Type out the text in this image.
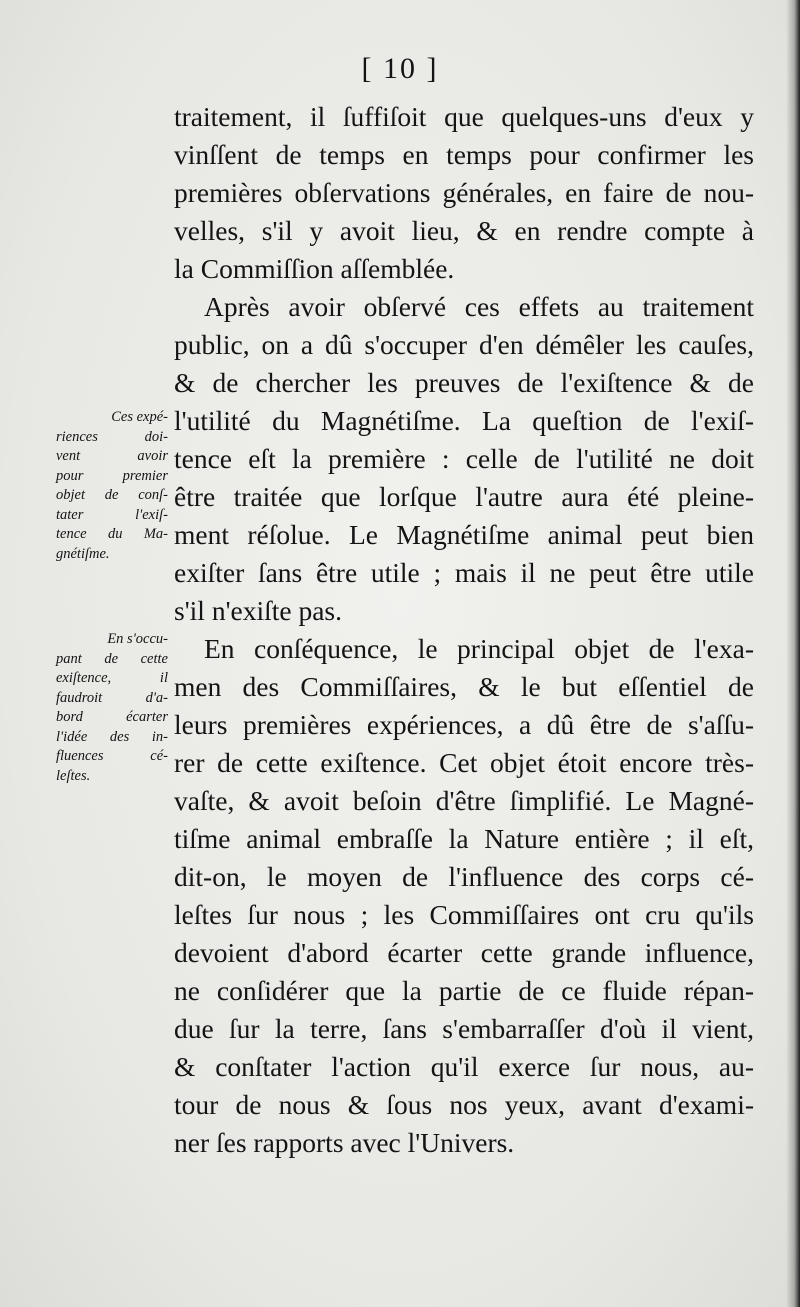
[ 10 ]
Ces expé-
riences doi-
vent avoir
pour premier
objet de conſ-
tater l'exiſ-
tence du Ma-
gnétiſme.
En s'occu-
pant de cette
exiſtence, il
faudroit d'a-
bord écarter
l'idée des in-
fluences cé-
leſtes.
traitement, il ſuffiſoit que quelques-uns d'eux y
vinſſent de temps en temps pour confirmer les
premières obſervations générales, en faire de nou-
velles, s'il y avoit lieu, & en rendre compte à
la Commiſſion aſſemblée.
Après avoir obſervé ces effets au traitement
public, on a dû s'occuper d'en démêler les cauſes,
& de chercher les preuves de l'exiſtence & de
l'utilité du Magnétiſme. La queſtion de l'exiſ-
tence eſt la première : celle de l'utilité ne doit
être traitée que lorſque l'autre aura été pleine-
ment réſolue. Le Magnétiſme animal peut bien
exiſter ſans être utile ; mais il ne peut être utile
s'il n'exiſte pas.
En conſéquence, le principal objet de l'exa-
men des Commiſſaires, & le but eſſentiel de
leurs premières expériences, a dû être de s'aſſu-
rer de cette exiſtence. Cet objet étoit encore très-
vaſte, & avoit beſoin d'être ſimplifié. Le Magné-
tiſme animal embraſſe la Nature entière ; il eſt,
dit-on, le moyen de l'influence des corps cé-
leſtes ſur nous ; les Commiſſaires ont cru qu'ils
devoient d'abord écarter cette grande influence,
ne conſidérer que la partie de ce fluide répan-
due ſur la terre, ſans s'embarraſſer d'où il vient,
& conſtater l'action qu'il exerce ſur nous, au-
tour de nous & ſous nos yeux, avant d'exami-
ner ſes rapports avec l'Univers.
